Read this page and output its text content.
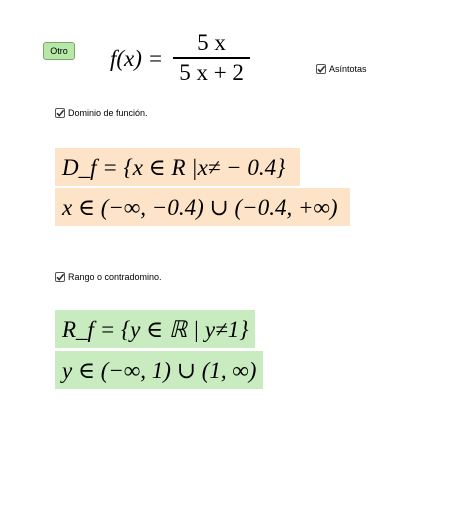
Otro $f(x) = \frac{5 x}{5 x + 2}$	Asíntotas
Dominio de función.
D_f = {x ∈ R |x≠ − 0.4}
x ∈ (−∞, −0.4) ∪ (−0.4, +∞)
Rango o contradomino.
R_f = {y ∈ ℝ | y≠1}
y ∈ (−∞, 1) ∪ (1, ∞)
